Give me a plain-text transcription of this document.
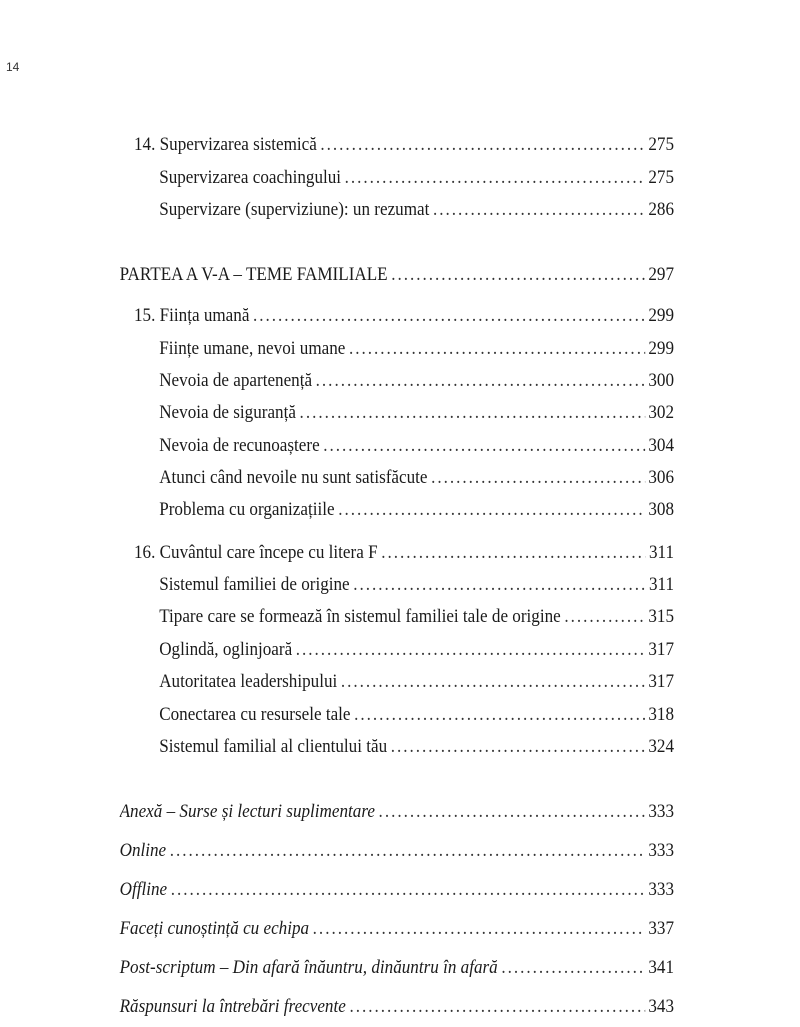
14
14. Supervizarea sistemică .....	275
Supervizarea coachingului .....	275
Supervizare (superviziune): un rezumat .....	286
PARTEA A V-A – TEME FAMILIALE .....	297
15. Ființa umană .....	299
Ființe umane, nevoi umane .....	299
Nevoia de apartenență .....	300
Nevoia de siguranță .....	302
Nevoia de recunoaștere .....	304
Atunci când nevoile nu sunt satisfăcute .....	306
Problema cu organizațiile .....	308
16. Cuvântul care începe cu litera F .....	311
Sistemul familiei de origine .....	311
Tipare care se formează în sistemul familiei tale de origine .....	315
Oglindă, oglinjoară .....	317
Autoritatea leadershipului .....	317
Conectarea cu resursele tale .....	318
Sistemul familial al clientului tău .....	324
Anexă – Surse și lecturi suplimentare .....	333
Online .....	333
Offline .....	333
Faceți cunoștință cu echipa .....	337
Post-scriptum – Din afară înăuntru, dinăuntru în afară .....	341
Răspunsuri la întrebări frecvente .....	343
